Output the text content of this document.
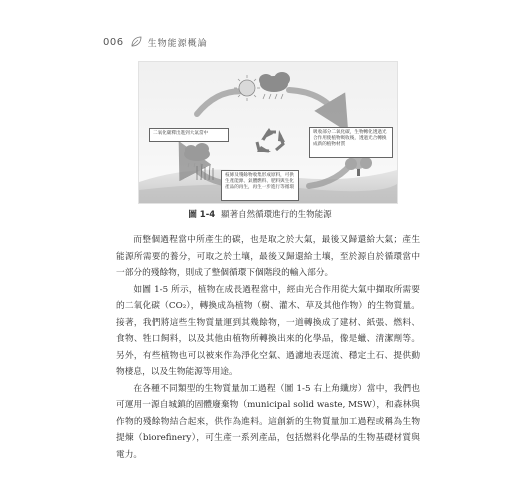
006	生物能源概論
二氧化碳釋出進到大氣當中	吸收部分二氧化碳，生物轉化透過光合作用使植物吸收後，透過光合轉換成新的植物材質
枝條及殘餘物收集形成原料，可供生產能源、氣體燃料、肥料與生化產品的再生，再生一步進行等循環
圖 1-4 顯著自然循環進行的生物能源

而整個過程當中所產生的碳，也是取之於大氣，最後又歸還給大氣；產生能源所需要的養分，可取之於土壤，最後又歸還給土壤，至於源自於循環當中一部分的殘餘物，則成了整個循環下個階段的輸入部分。

如圖 1-5 所示，植物在成長過程當中，經由光合作用從大氣中擷取所需要的二氧化碳（CO₂），轉換成為植物（樹、灌木、草及其他作物）的生物質量。接著，我們將這些生物質量運到其幾餘物，一道轉換成了建材、紙張、燃料、食物、牲口飼料，以及其他由植物所轉換出來的化學品，像是蠟、清潔劑等。另外，有些植物也可以被來作為淨化空氣、過濾地表逕流、穩定土石、提供動物棲息，以及生物能源等用途。

在各種不同類型的生物質量加工過程（圖 1-5 右上角纖房）當中，我們也可運用一源自城鎮的固體廢棄物（municipal solid waste, MSW），和森林與作物的殘餘物結合起來，供作為進料。這創新的生物質量加工過程或稱為生物提煉（biorefinery），可生產一系列產品，包括燃料化學品的生物基礎材質與電力。
